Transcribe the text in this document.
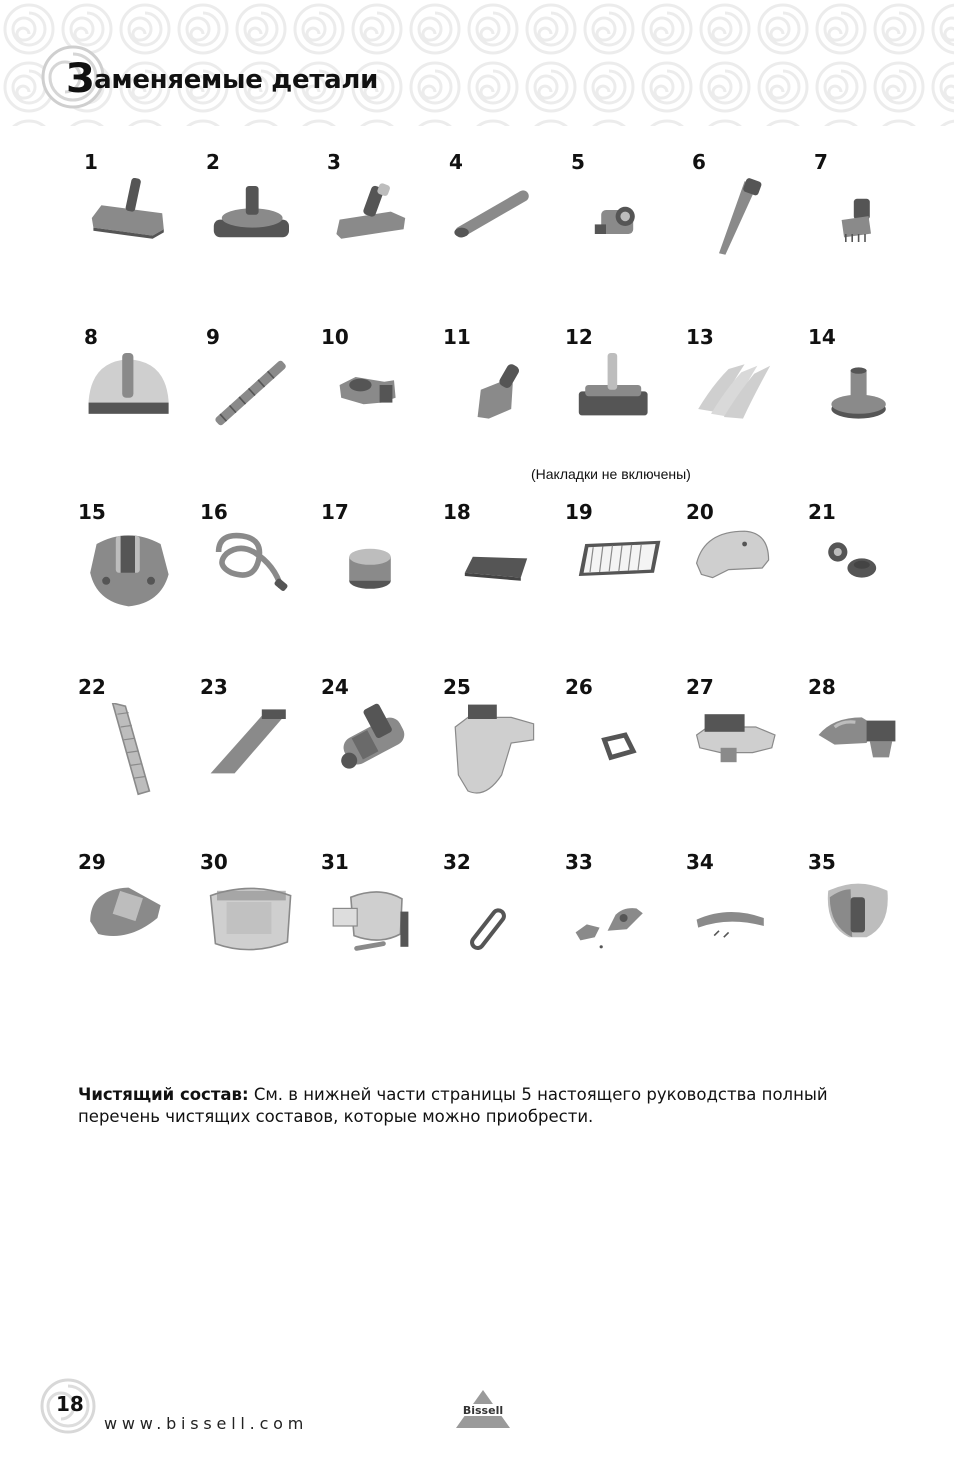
Заменяемые детали
1	2	3	4	5	6	7
8	9	10	11	12	13	14
15	16	17	18	19	20	21
22	23	24	25	26	27	28
29	30	31	32	33	34	35
(Накладки не включены)
Чистящий состав: См. в нижней части страницы 5 настоящего руководства полный перечень чистящих составов, которые можно приобрести.
18
www.bissell.com
Bissell
